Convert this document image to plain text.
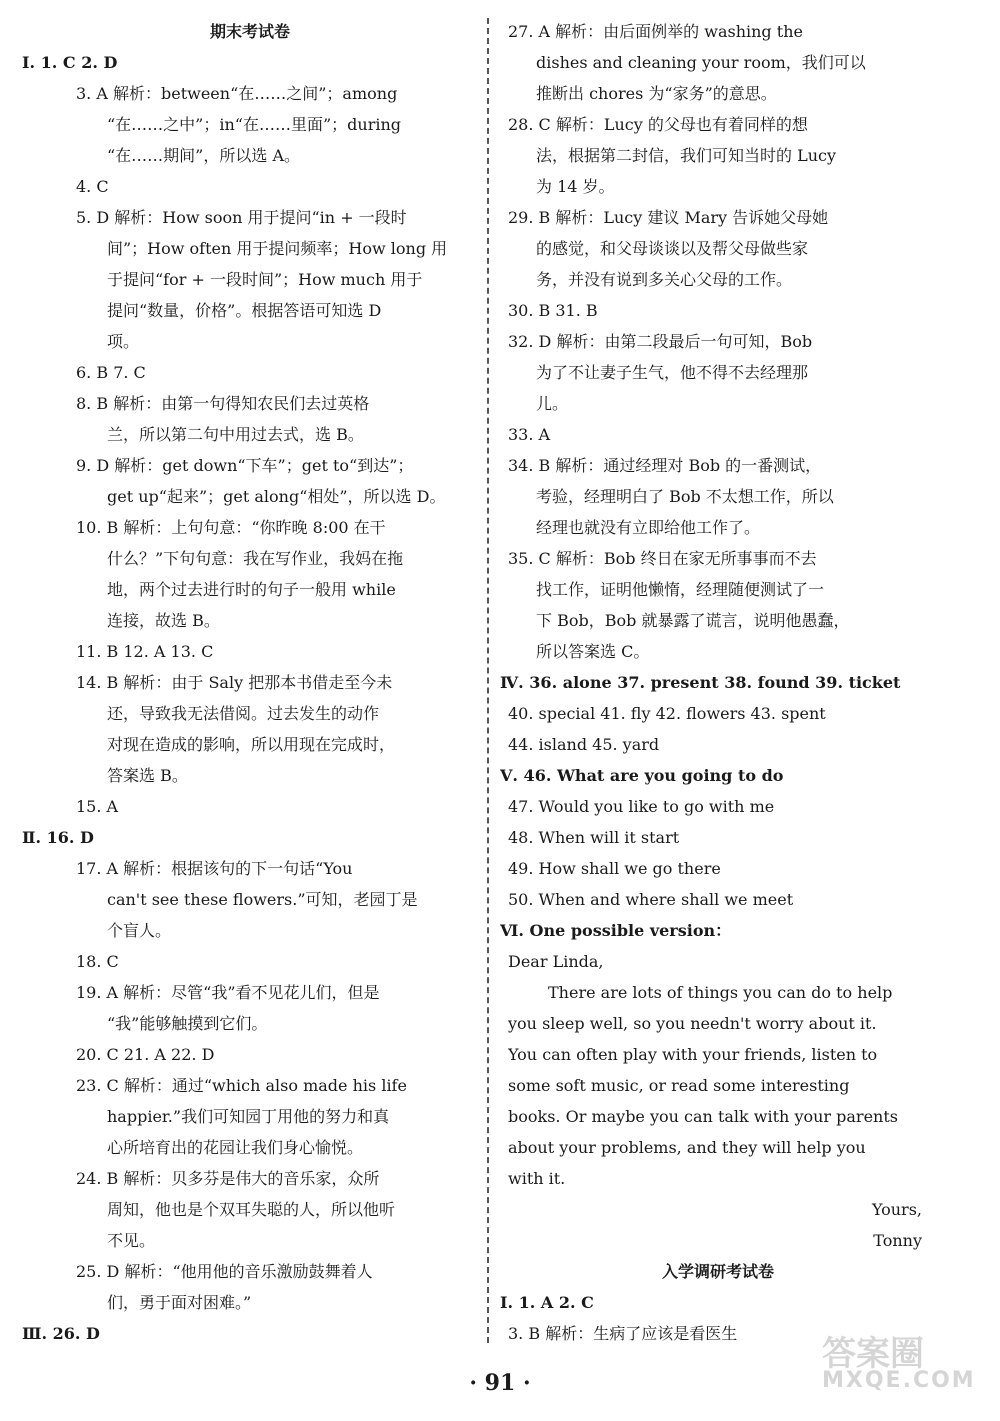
期末考试卷
Ⅰ. 1. C 2. D
3. A 解析：between“在……之间”；among
“在……之中”；in“在……里面”；during
“在……期间”，所以选 A。
4. C
5. D 解析：How soon 用于提问“in + 一段时
间”；How often 用于提问频率；How long 用
于提问“for + 一段时间”；How much 用于
提问“数量，价格”。根据答语可知选 D
项。
6. B 7. C
8. B 解析：由第一句得知农民们去过英格
兰，所以第二句中用过去式，选 B。
9. D 解析：get down“下车”；get to“到达”；
get up“起来”；get along“相处”，所以选 D。
10. B 解析：上句句意：“你昨晚 8:00 在干
什么？”下句句意：我在写作业，我妈在拖
地，两个过去进行时的句子一般用 while
连接，故选 B。
11. B 12. A 13. C
14. B 解析：由于 Saly 把那本书借走至今未
还，导致我无法借阅。过去发生的动作
对现在造成的影响，所以用现在完成时，
答案选 B。
15. A
Ⅱ. 16. D
17. A 解析：根据该句的下一句话“You
can't see these flowers.”可知，老园丁是
个盲人。
18. C
19. A 解析：尽管“我”看不见花儿们，但是
“我”能够触摸到它们。
20. C 21. A 22. D
23. C 解析：通过“which also made his life
happier.”我们可知园丁用他的努力和真
心所培育出的花园让我们身心愉悦。
24. B 解析：贝多芬是伟大的音乐家，众所
周知，他也是个双耳失聪的人，所以他听
不见。
25. D 解析：“他用他的音乐激励鼓舞着人
们，勇于面对困难。”
Ⅲ. 26. D
27. A 解析：由后面例举的 washing the
dishes and cleaning your room，我们可以
推断出 chores 为“家务”的意思。
28. C 解析：Lucy 的父母也有着同样的想
法，根据第二封信，我们可知当时的 Lucy
为 14 岁。
29. B 解析：Lucy 建议 Mary 告诉她父母她
的感觉，和父母谈谈以及帮父母做些家
务，并没有说到多关心父母的工作。
30. B 31. B
32. D 解析：由第二段最后一句可知，Bob
为了不让妻子生气，他不得不去经理那
儿。
33. A
34. B 解析：通过经理对 Bob 的一番测试，
考验，经理明白了 Bob 不太想工作，所以
经理也就没有立即给他工作了。
35. C 解析：Bob 终日在家无所事事而不去
找工作，证明他懒惰，经理随便测试了一
下 Bob，Bob 就暴露了谎言，说明他愚蠢，
所以答案选 C。
Ⅳ. 36. alone 37. present 38. found 39. ticket
40. special 41. fly 42. flowers 43. spent
44. island 45. yard
Ⅴ. 46. What are you going to do
47. Would you like to go with me
48. When will it start
49. How shall we go there
50. When and where shall we meet
Ⅵ. One possible version：
Dear Linda,
There are lots of things you can do to help
you sleep well, so you needn't worry about it.
You can often play with your friends, listen to
some soft music, or read some interesting
books. Or maybe you can talk with your parents
about your problems, and they will help you
with it.
Yours,
Tonny
入学调研考试卷
Ⅰ. 1. A 2. C
3. B 解析：生病了应该是看医生
· 91 ·
答案圈
MXQE.COM
